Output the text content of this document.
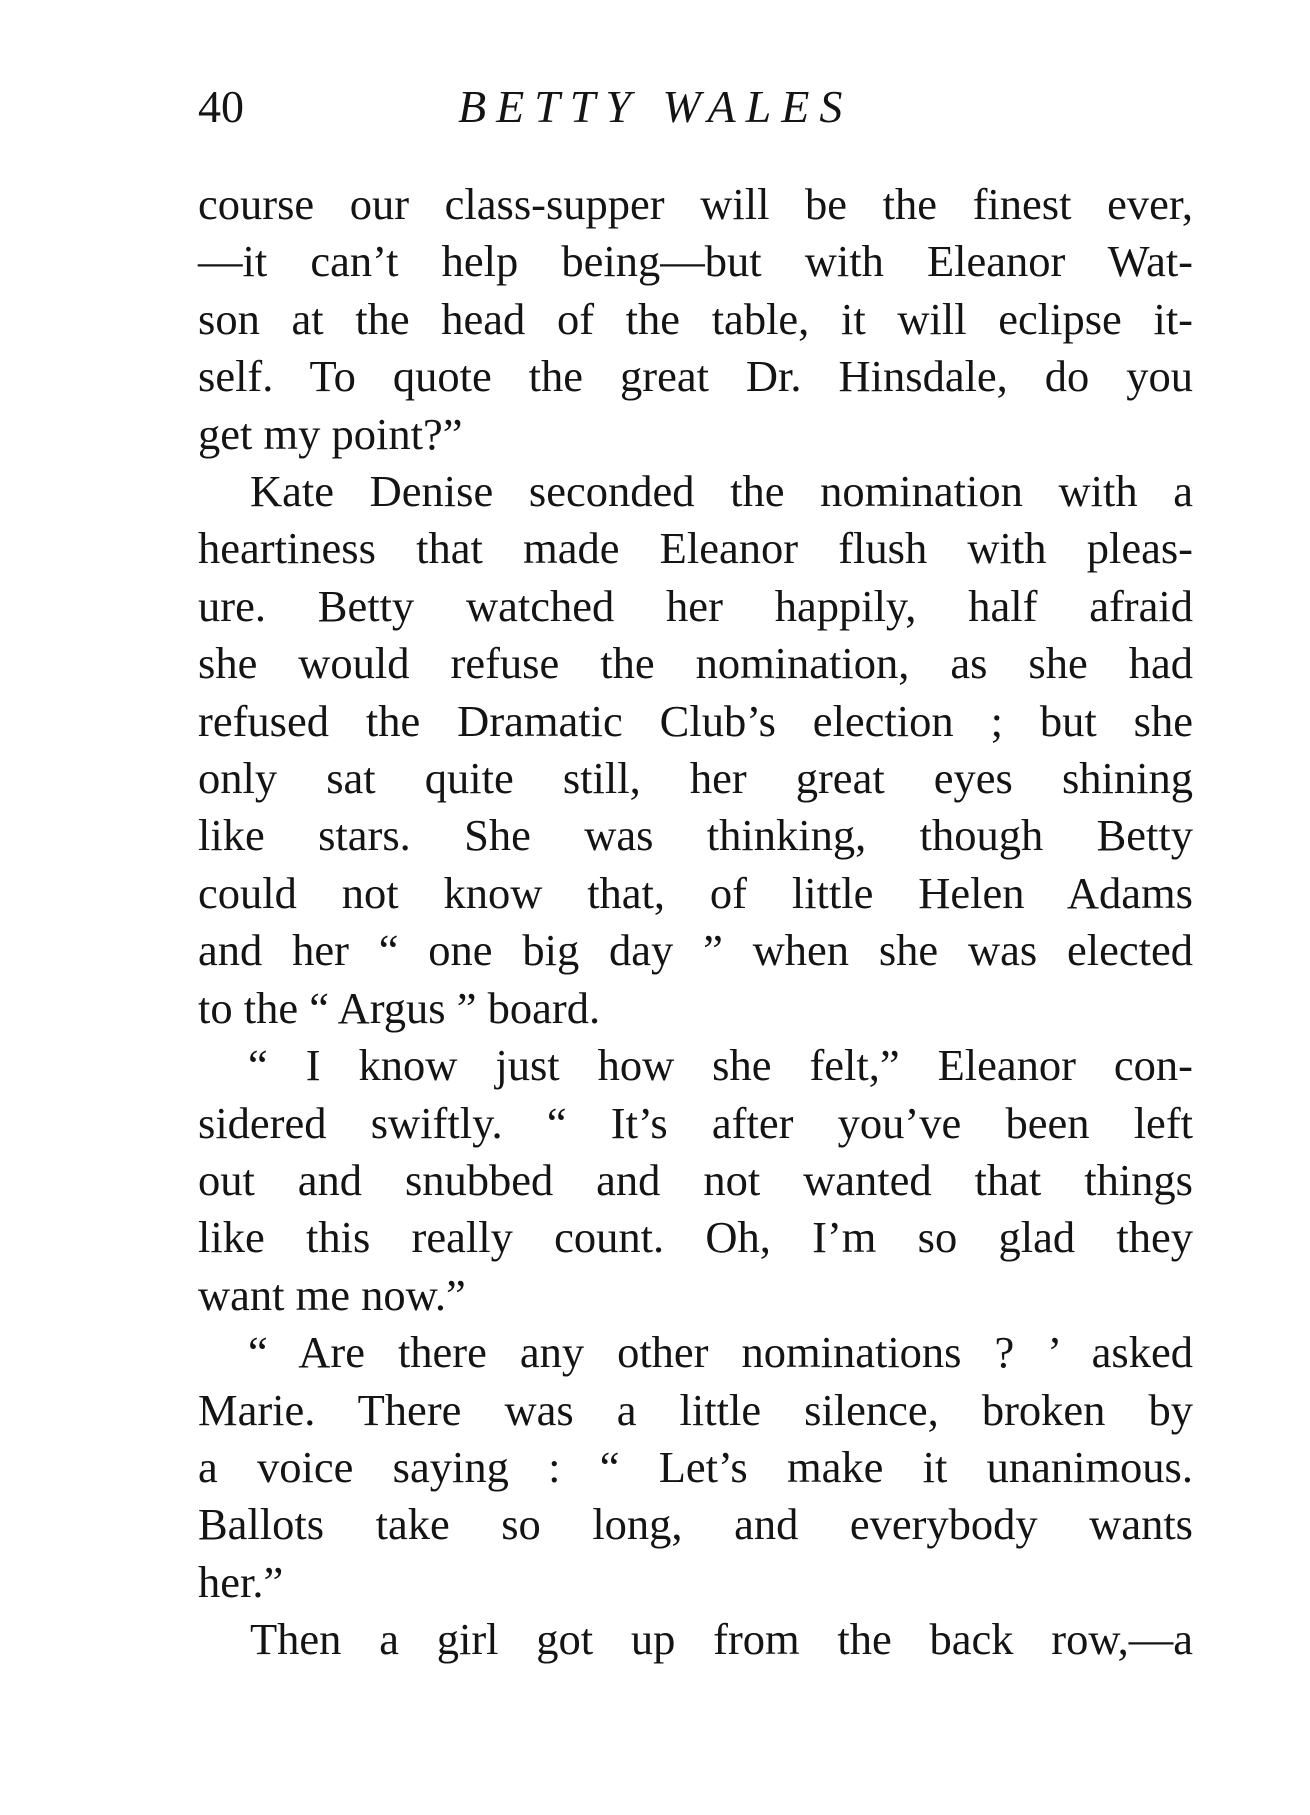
40	BETTY WALES
course our class-supper will be the finest ever,
—it can’t help being—but with Eleanor Wat-
son at the head of the table, it will eclipse it-
self. To quote the great Dr. Hinsdale, do you
get my point?”
Kate Denise seconded the nomination with a
heartiness that made Eleanor flush with pleas-
ure. Betty watched her happily, half afraid
she would refuse the nomination, as she had
refused the Dramatic Club’s election ; but she
only sat quite still, her great eyes shining
like stars. She was thinking, though Betty
could not know that, of little Helen Adams
and her “ one big day ” when she was elected
to the “ Argus ” board.
“ I know just how she felt,” Eleanor con-
sidered swiftly. “ It’s after you’ve been left
out and snubbed and not wanted that things
like this really count. Oh, I’m so glad they
want me now.”
“ Are there any other nominations ? ’ asked
Marie. There was a little silence, broken by
a voice saying : “ Let’s make it unanimous.
Ballots take so long, and everybody wants
her.”
Then a girl got up from the back row,—a
